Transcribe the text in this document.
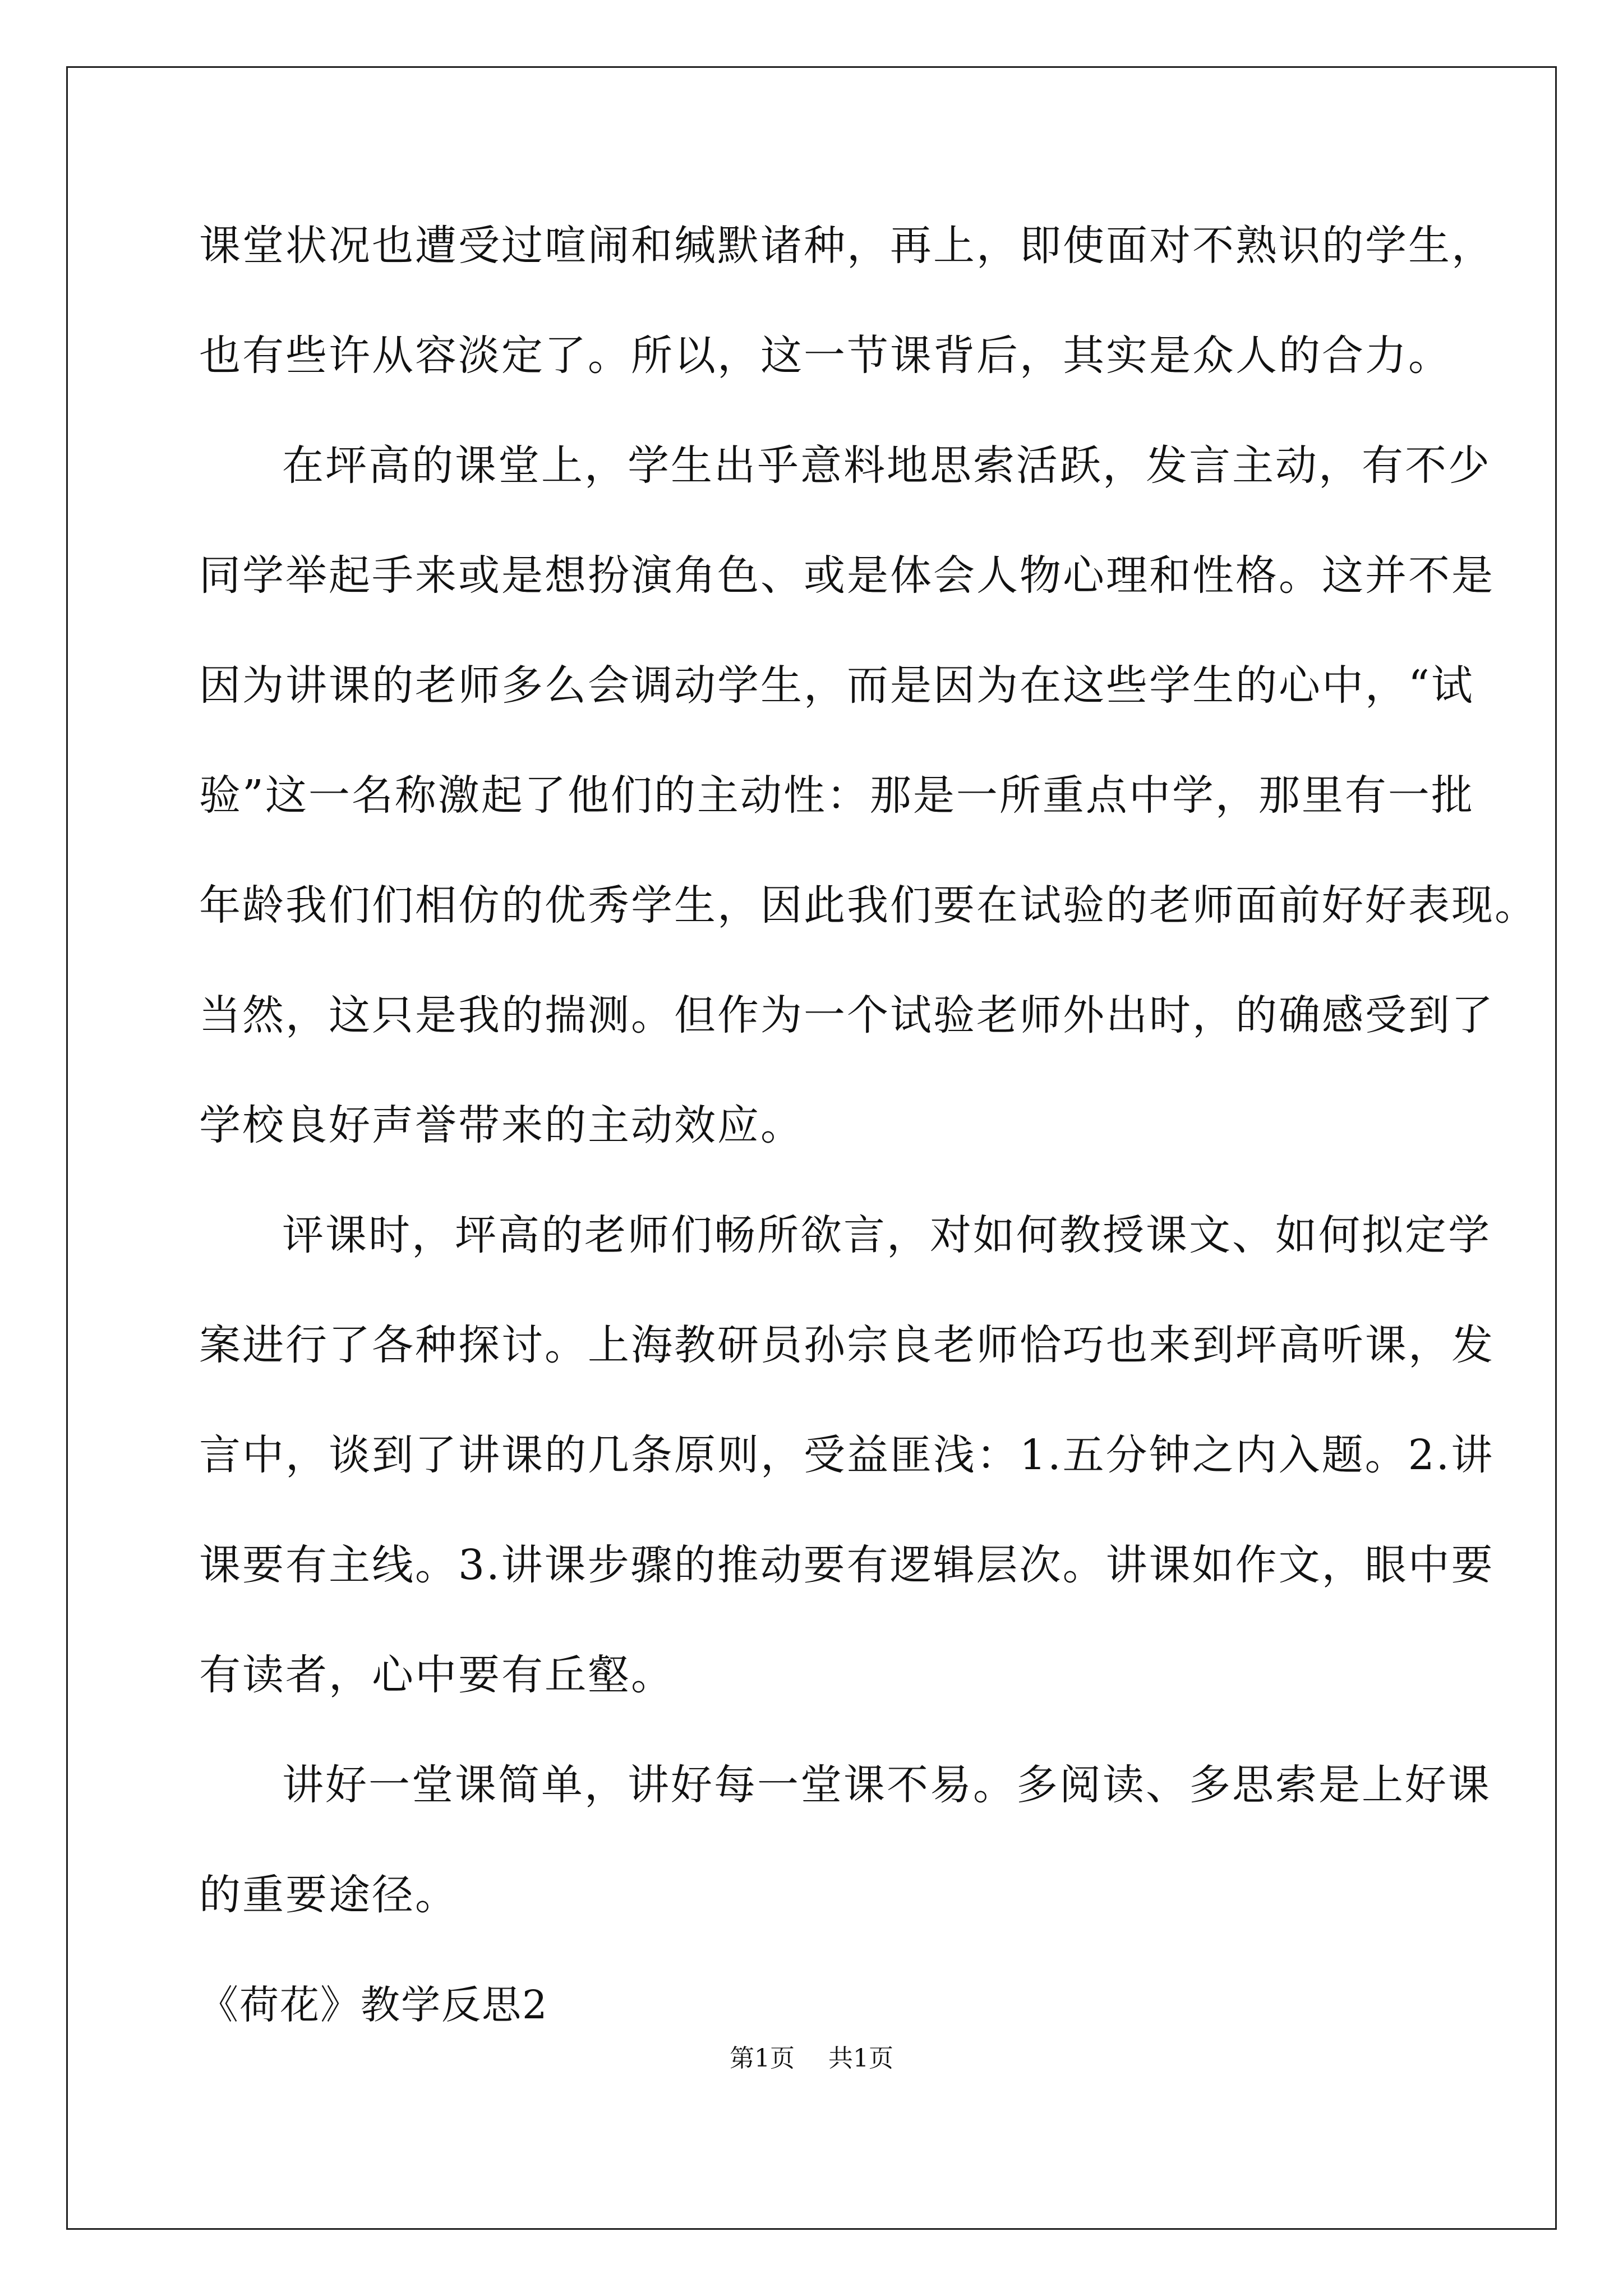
课堂状况也遭受过喧闹和缄默诸种，再上，即使面对不熟识的学生，
也有些许从容淡定了。所以，这一节课背后，其实是众人的合力。
在坪高的课堂上，学生出乎意料地思索活跃，发言主动，有不少
同学举起手来或是想扮演角色、或是体会人物心理和性格。这并不是
因为讲课的老师多么会调动学生，而是因为在这些学生的心中，“试
验”这一名称激起了他们的主动性：那是一所重点中学，那里有一批
年龄我们们相仿的优秀学生，因此我们要在试验的老师面前好好表现。
当然，这只是我的揣测。但作为一个试验老师外出时，的确感受到了
学校良好声誉带来的主动效应。
评课时，坪高的老师们畅所欲言，对如何教授课文、如何拟定学
案进行了各种探讨。上海教研员孙宗良老师恰巧也来到坪高听课，发
言中，谈到了讲课的几条原则，受益匪浅：1.五分钟之内入题。2.讲
课要有主线。3.讲课步骤的推动要有逻辑层次。讲课如作文，眼中要
有读者，心中要有丘壑。
讲好一堂课简单，讲好每一堂课不易。多阅读、多思索是上好课
的重要途径。
《荷花》教学反思2
第1页 共1页
